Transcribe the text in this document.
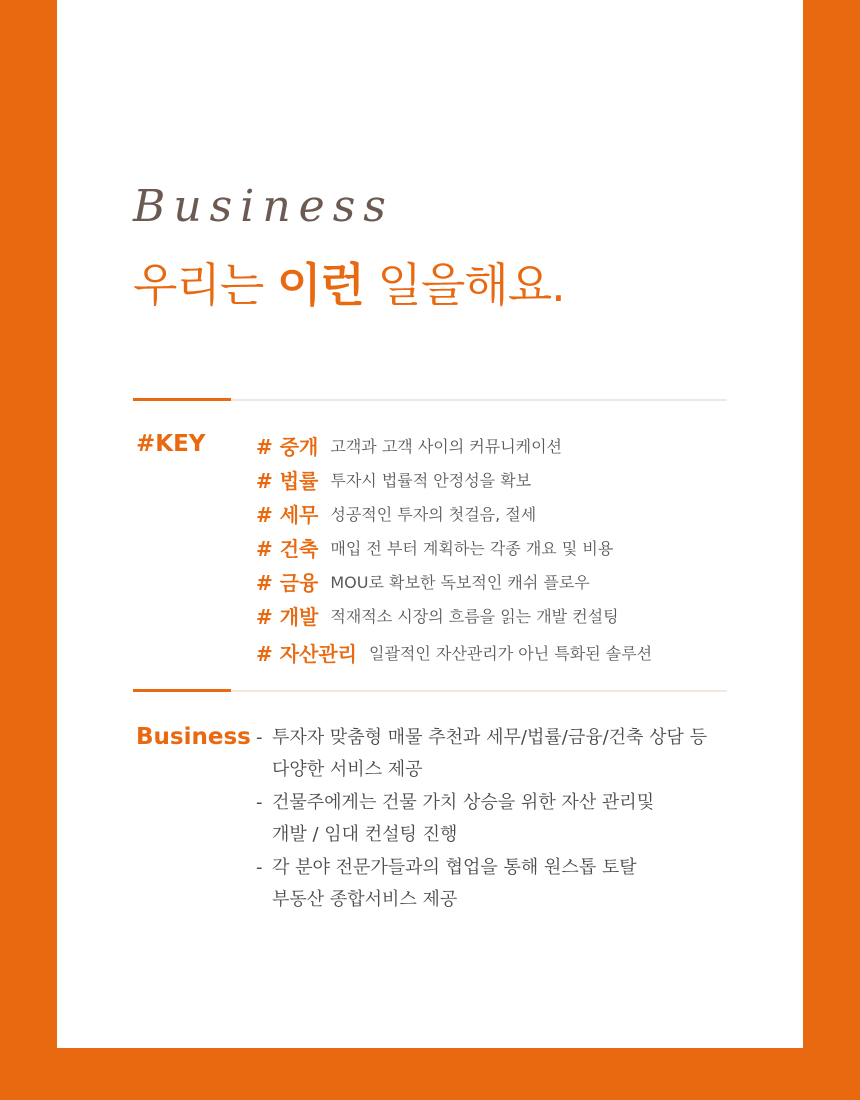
Business
우리는 이런 일을해요.
#KEY	# 중개 고객과 고객 사이의 커뮤니케이션
# 법률 투자시 법률적 안정성을 확보
# 세무 성공적인 투자의 첫걸음, 절세
# 건축 매입 전 부터 계획하는 각종 개요 및 비용
# 금융 MOU로 확보한 독보적인 캐쉬 플로우
# 개발 적재적소 시장의 흐름을 읽는 개발 컨설팅
# 자산관리 일괄적인 자산관리가 아닌 특화된 솔루션
Business - 투자자 맞춤형 매물 추천과 세무/법률/금융/건축 상담 등
다양한 서비스 제공
- 건물주에게는 건물 가치 상승을 위한 자산 관리및
개발 / 임대 컨설팅 진행
- 각 분야 전문가들과의 협업을 통해 원스톱 토탈
부동산 종합서비스 제공
